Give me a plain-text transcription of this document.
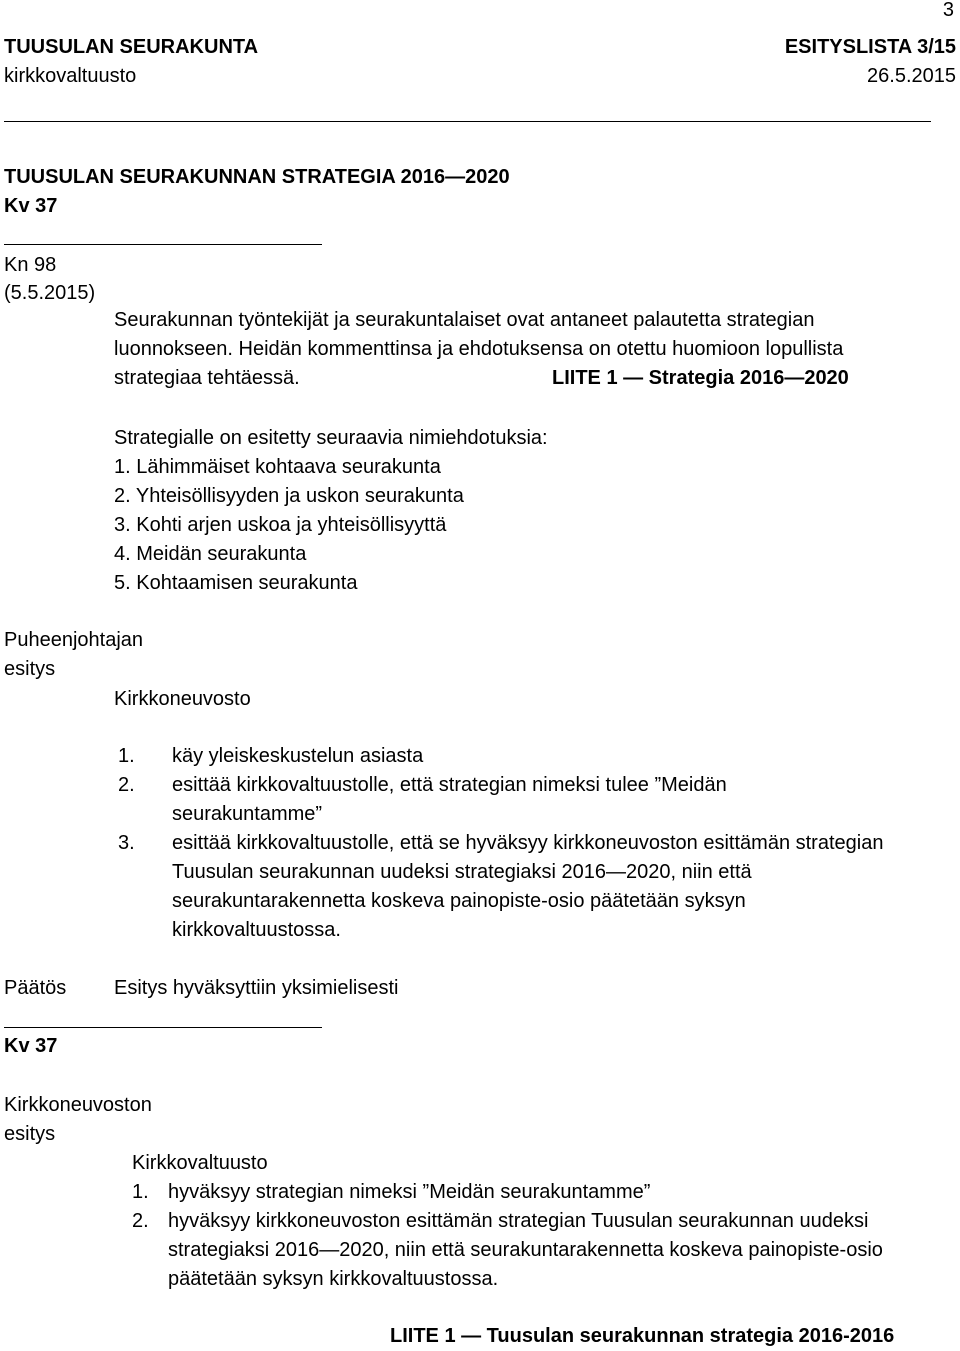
3
TUUSULAN SEURAKUNTA	ESITYSLISTA 3/15
kirkkovaltuusto	26.5.2015
TUUSULAN SEURAKUNNAN STRATEGIA 2016—2020
Kv 37
Kn 98
(5.5.2015)
Seurakunnan työntekijät ja seurakuntalaiset ovat antaneet palautetta strategian
luonnokseen. Heidän kommenttinsa ja ehdotuksensa on otettu huomioon lopullista
strategiaa tehtäessä.	LIITE 1 — Strategia 2016—2020
Strategialle on esitetty seuraavia nimiehdotuksia:
1. Lähimmäiset kohtaava seurakunta
2. Yhteisöllisyyden ja uskon seurakunta
3. Kohti arjen uskoa ja yhteisöllisyyttä
4. Meidän seurakunta
5. Kohtaamisen seurakunta
Puheenjohtajan
esitys
Kirkkoneuvosto
1. käy yleiskeskustelun asiasta
2. esittää kirkkovaltuustolle, että strategian nimeksi tulee ”Meidän
seurakuntamme”
3. esittää kirkkovaltuustolle, että se hyväksyy kirkkoneuvoston esittämän strategian
Tuusulan seurakunnan uudeksi strategiaksi 2016—2020, niin että
seurakuntarakennetta koskeva painopiste-osio päätetään syksyn
kirkkovaltuustossa.
Päätös Esitys hyväksyttiin yksimielisesti
Kv 37
Kirkkoneuvoston
esitys
Kirkkovaltuusto
1. hyväksyy strategian nimeksi ”Meidän seurakuntamme”
2. hyväksyy kirkkoneuvoston esittämän strategian Tuusulan seurakunnan uudeksi
strategiaksi 2016—2020, niin että seurakuntarakennetta koskeva painopiste-osio
päätetään syksyn kirkkovaltuustossa.
LIITE 1 — Tuusulan seurakunnan strategia 2016-2016
